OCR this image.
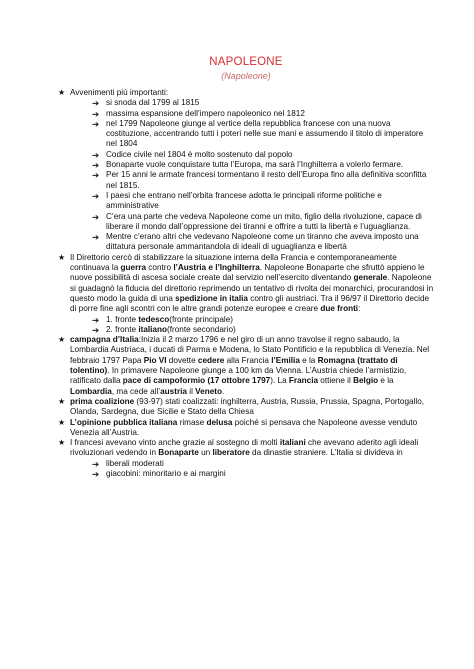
NAPOLEONE
(Napoleone)
★ Avvenimenti più importanti:
➔ si snoda dal 1799 al 1815
➔ massima espansione dell’impero napoleonico nel 1812
➔ nel 1799 Napoleone giunge al vertice della repubblica francese con una nuova costituzione, accentrando tutti i poteri nelle sue mani e assumendo il titolo di imperatore nel 1804
➔ Codice civile nel 1804 è molto sostenuto dal popolo
➔ Bonaparte vuole conquistare tutta l’Europa, ma sarà l’Inghilterra a volerlo fermare.
➔ Per 15 anni le armate francesi tormentano il resto dell’Europa fino alla definitiva sconfitta nel 1815.
➔ I paesi che entrano nell’orbita francese adotta le principali riforme politiche e amministrative
➔ C’era una parte che vedeva Napoleone come un mito, figlio della rivoluzione, capace di liberare il mondo dall’oppressione dei tiranni e offrire a tutti la libertà e l’uguaglianza.
➔ Mentre c’erano altri che vedevano Napoleone come un tiranno che aveva imposto una dittatura personale ammantandola di ideali di uguaglianza e libertà
★ Il Direttorio cercò di stabilizzare la situazione interna della Francia e contemporaneamente continuava la guerra contro l’Austria e l’Inghilterra. Napoleone Bonaparte che sfruttò appieno le nuove possibilità di ascesa sociale create dal servizio nell’esercito diventando generale. Napoleone si guadagnò la fiducia del direttorio reprimendo un tentativo di rivolta dei monarchici, procurandosi in questo modo la guida di una spedizione in italia contro gli austriaci. Tra il 96/97 il Direttorio decide di porre fine agli scontri con le altre grandi potenze europee e creare due fronti:
➔ 1. fronte tedesco(fronte principale)
➔ 2. fronte italiano(fronte secondario)
★ campagna d’Italia:Inizia il 2 marzo 1796 e nel giro di un anno travolse il regno sabaudo, la Lombardia Austriaca, i ducati di Parma e Modena, lo Stato Pontificio e la repubblica di Venezia. Nel febbraio 1797 Papa Pio VI dovette cedere alla Francia l’Emilia e la Romagna (trattato di tolentino). In primavere Napoleone giunge a 100 km da Vienna. L’Austria chiede l’armistizio, ratificato dalla pace di campoformio (17 ottobre 1797). La Francia ottiene il Belgio e la Lombardia, ma cede all’austria il Veneto.
★ prima coalizione (93-97) stati coalizzati: inghilterra, Austria, Russia, Prussia, Spagna, Portogallo, Olanda, Sardegna, due Sicilie e Stato della Chiesa
★ L’opinione pubblica italiana rimase delusa poiché si pensava che Napoleone avesse venduto Venezia all’Austria.
★ I francesi avevano vinto anche grazie al sostegno di molti italiani che avevano aderito agli ideali rivoluzionari vedendo in Bonaparte un liberatore da dinastie straniere. L’Italia si divideva in
➔ liberali moderati
➔ giacobini: minoritario e ai margini
